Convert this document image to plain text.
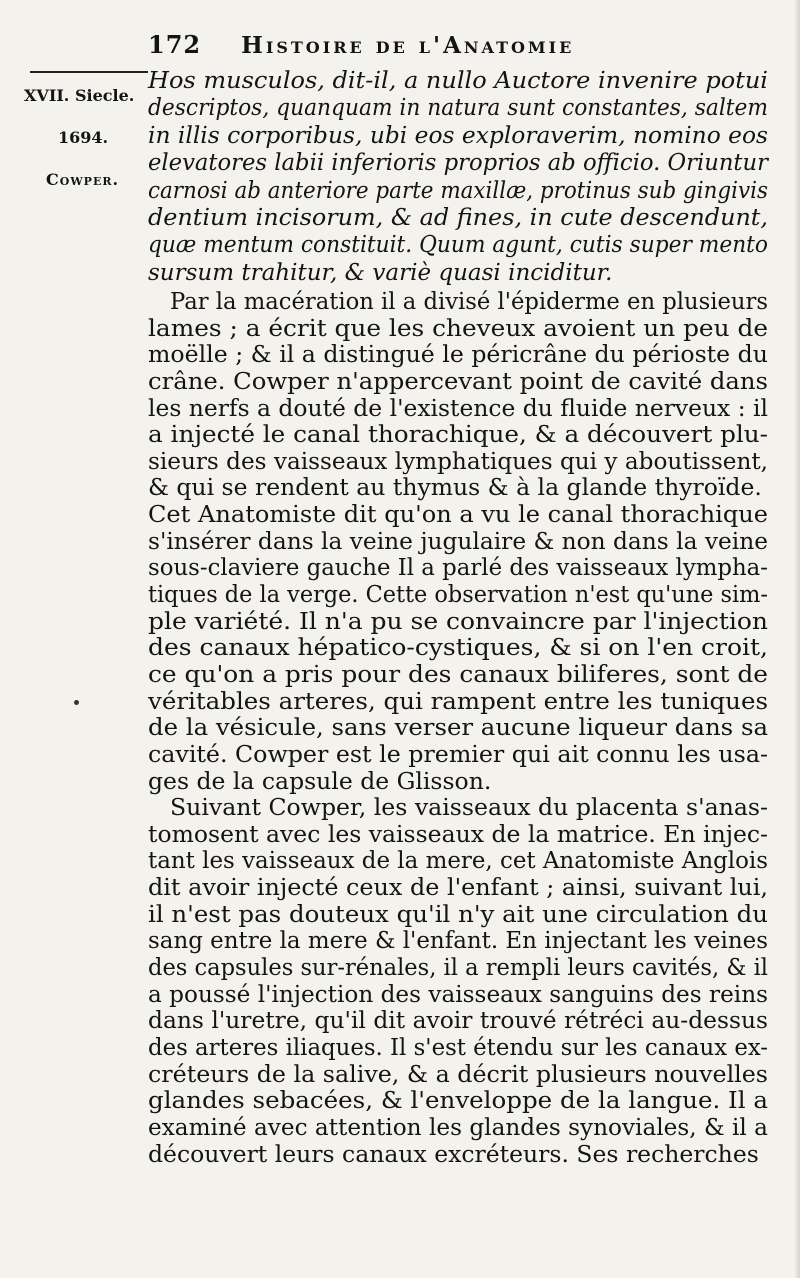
172 Histoire de l'Anatomie
XVII. Siecle.
1694.
Cowper.
Hos musculos, dit-il, a nullo Auctore invenire potui
descriptos, quanquam in natura sunt constantes, saltem
in illis corporibus, ubi eos exploraverim, nomino eos
elevatores labii inferioris proprios ab officio. Oriuntur
carnosi ab anteriore parte maxillæ, protinus sub gingivis
dentium incisorum, & ad fines, in cute descendunt,
quæ mentum constituit. Quum agunt, cutis super mento
sursum trahitur, & variè quasi inciditur.
Par la macération il a divisé l'épiderme en plusieurs
lames ; a écrit que les cheveux avoient un peu de
moëlle ; & il a distingué le péricrâne du périoste du
crâne. Cowper n'appercevant point de cavité dans
les nerfs a douté de l'existence du fluide nerveux : il
a injecté le canal thorachique, & a découvert plu-
sieurs des vaisseaux lymphatiques qui y aboutissent,
& qui se rendent au thymus & à la glande thyroïde.
Cet Anatomiste dit qu'on a vu le canal thorachique
s'insérer dans la veine jugulaire & non dans la veine
sous-claviere gauche Il a parlé des vaisseaux lympha-
tiques de la verge. Cette observation n'est qu'une sim-
ple variété. Il n'a pu se convaincre par l'injection
des canaux hépatico-cystiques, & si on l'en croit,
ce qu'on a pris pour des canaux biliferes, sont de
véritables arteres, qui rampent entre les tuniques
de la vésicule, sans verser aucune liqueur dans sa
cavité. Cowper est le premier qui ait connu les usa-
ges de la capsule de Glisson.
Suivant Cowper, les vaisseaux du placenta s'anas-
tomosent avec les vaisseaux de la matrice. En injec-
tant les vaisseaux de la mere, cet Anatomiste Anglois
dit avoir injecté ceux de l'enfant ; ainsi, suivant lui,
il n'est pas douteux qu'il n'y ait une circulation du
sang entre la mere & l'enfant. En injectant les veines
des capsules sur-rénales, il a rempli leurs cavités, & il
a poussé l'injection des vaisseaux sanguins des reins
dans l'uretre, qu'il dit avoir trouvé rétréci au-dessus
des arteres iliaques. Il s'est étendu sur les canaux ex-
créteurs de la salive, & a décrit plusieurs nouvelles
glandes sebacées, & l'enveloppe de la langue. Il a
examiné avec attention les glandes synoviales, & il a
découvert leurs canaux excréteurs. Ses recherches
